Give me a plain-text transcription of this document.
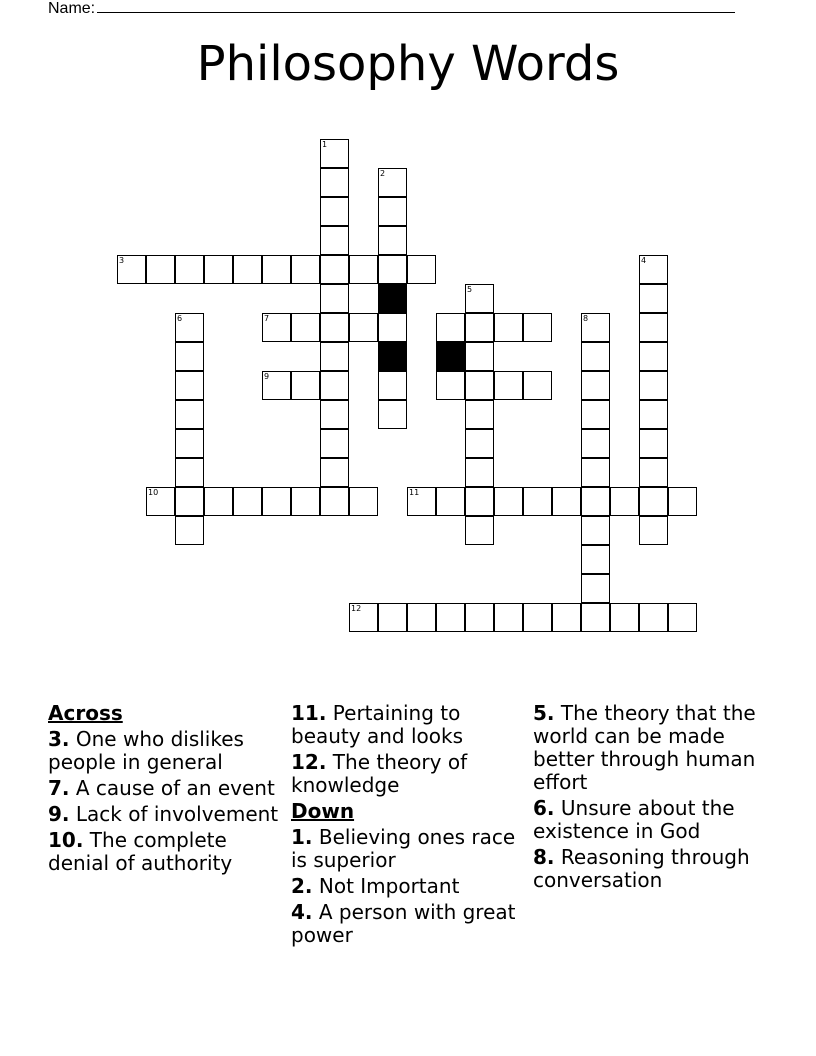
Name:
Philosophy Words
1
2
3	4
5
6	7	8
9
10	11
12

Across

3. One who dislikes people in general

7. A cause of an event

9. Lack of involvement

10. The complete denial of authority

11. Pertaining to beauty and looks

12. The theory of knowledge

Down

1. Believing ones race is superior

2. Not Important

4. A person with great power

5. The theory that the world can be made better through human effort

6. Unsure about the existence in God

8. Reasoning through conversation
